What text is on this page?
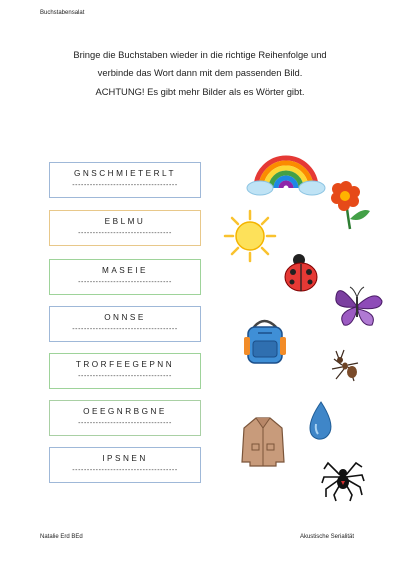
Buchstabensalat
Bringe die Buchstaben wieder in die richtige Reihenfolge und
verbinde das Wort dann mit dem passenden Bild.
ACHTUNG! Es gibt mehr Bilder als es Wörter gibt.
GNSCHMIETERLT
------------------------------------
EBLMU
--------------------------------
MASEIE
--------------------------------
ONNSE
------------------------------------
TRORFEEGEPNN
--------------------------------
OEEGNRBGNE
--------------------------------
IPSNEN
------------------------------------
Natalie Erd BEd	Akustische Serialität
